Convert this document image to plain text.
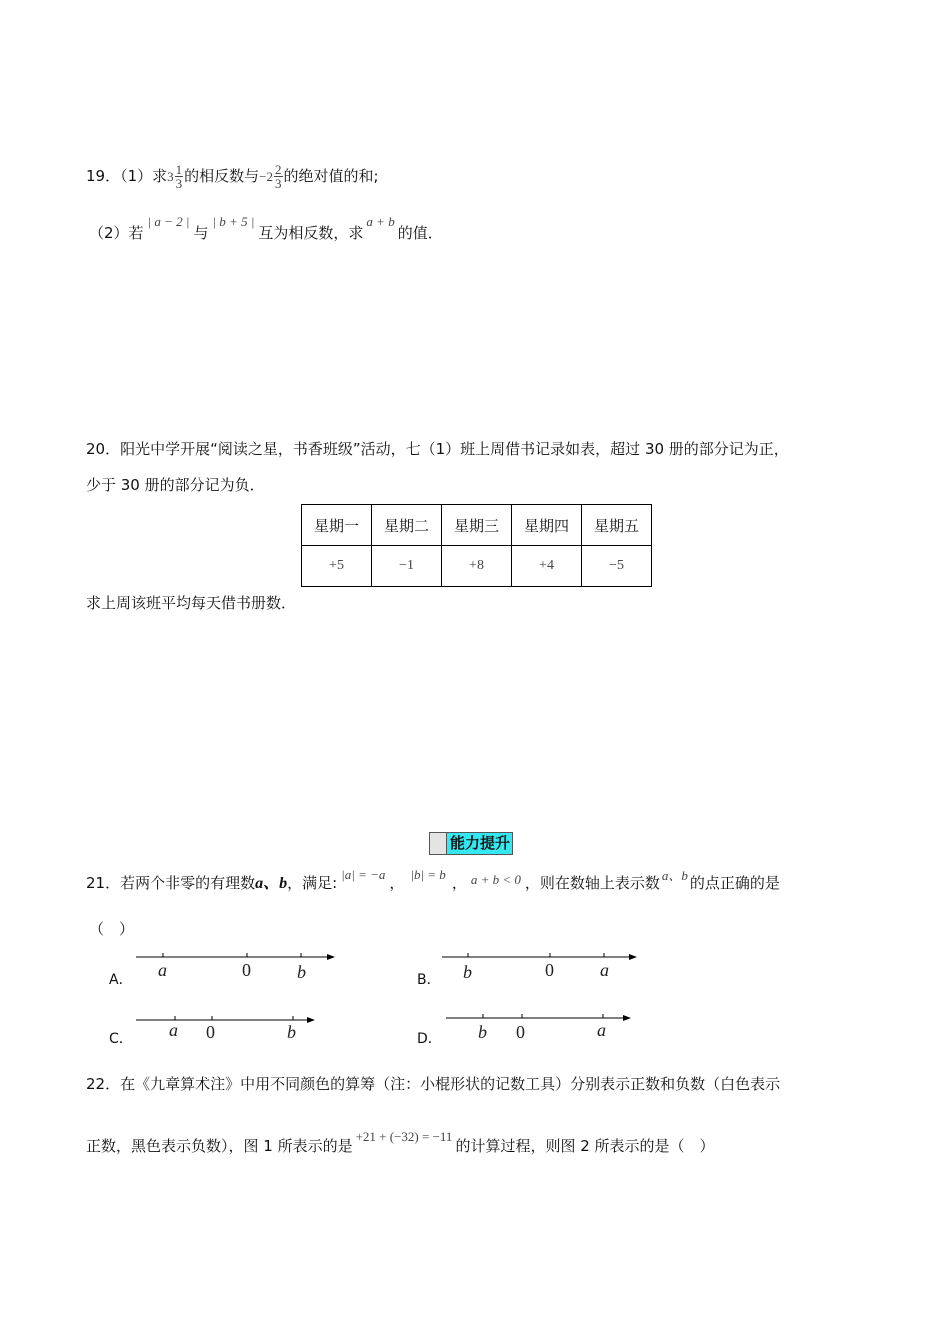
19．（1）求$3 \frac{1}{3}$ 的相反数与$-2 \frac{2}{3}$ 的绝对值的和;
（2）若| a − 2 |与| b + 5 |互为相反数，求a + b的值．
20．阳光中学开展“阅读之星，书香班级”活动，七（1）班上周借书记录如表，超过 30 册的部分记为正，
少于 30 册的部分记为负．
星期一	星期二	星期三	星期四	星期五
+5	−1	+8	+4	−5
求上周该班平均每天借书册数．
能力提升
21．若两个非零的有理数a、b，满足: |a| = −a ， |b| = b ， a + b < 0 ，则在数轴上表示数 a、b 的点正确的是
（　）
A． a	0	b	B． b	0	a
C． a 0	b	D． b 0	a
22．在《九章算术注》中用不同颜色的算筹（注：小棍形状的记数工具）分别表示正数和负数（白色表示
正数，黑色表示负数），图 1 所表示的是+21 + (−32) = −11的计算过程，则图 2 所表示的是（　）
